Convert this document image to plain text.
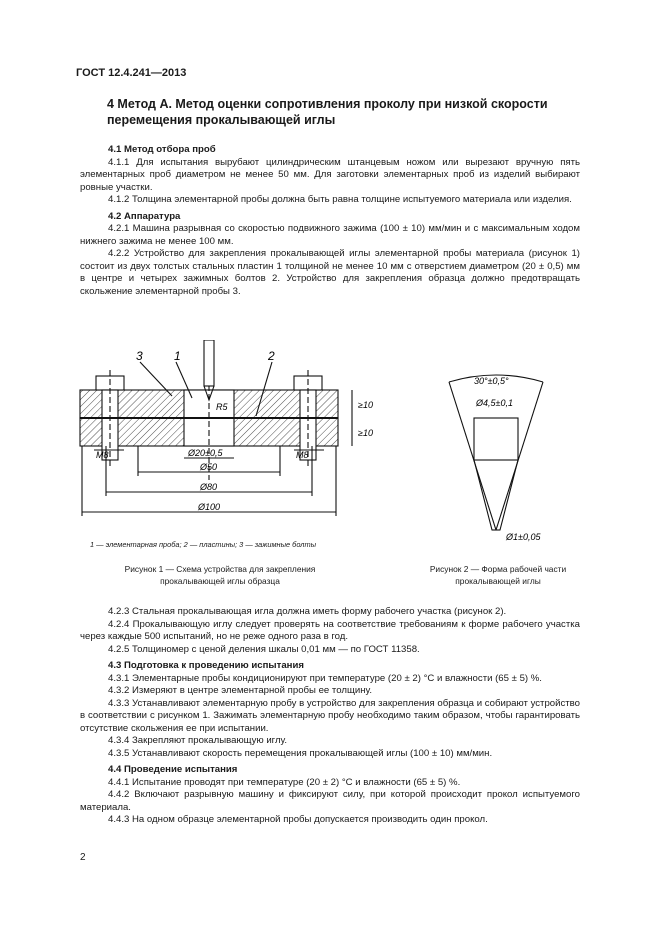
ГОСТ 12.4.241—2013
4 Метод А. Метод оценки сопротивления проколу при низкой скорости перемещения прокалывающей иглы

4.1 Метод отбора проб

4.1.1 Для испытания вырубают цилиндрическим штанцевым ножом или вырезают вручную пять элементарных проб диаметром не менее 50 мм. Для заготовки элементарных проб из изделий выбирают ровные участки.

4.1.2 Толщина элементарной пробы должна быть равна толщине испытуемого материала или изделия.

4.2 Аппаратура

4.2.1 Машина разрывная со скоростью подвижного зажима (100 ± 10) мм/мин и с максимальным ходом нижнего зажима не менее 100 мм.

4.2.2 Устройство для закрепления прокалывающей иглы элементарной пробы материала (рисунок 1) состоит из двух толстых стальных пластин 1 толщиной не менее 10 мм с отверстием диаметром (20 ± 0,5) мм в центре и четырех зажимных болтов 2. Устройство для закрепления образца должно предотвращать скольжение элементарной пробы 3.

3	1	2
R5
Ø20±0,5
M8	M8
Ø50
Ø80
Ø100
≥10
≥10
30°±0,5°
Ø4,5±0,1
Ø1±0,05
1 — элементарная проба; 2 — пластины; 3 — зажимные болты
Рисунок 1 — Схема устройства для закрепления
прокалывающей иглы образца
Рисунок 2 — Форма рабочей части
прокалывающей иглы

4.2.3 Стальная прокалывающая игла должна иметь форму рабочего участка (рисунок 2).

4.2.4 Прокалывающую иглу следует проверять на соответствие требованиям к форме рабочего участка через каждые 500 испытаний, но не реже одного раза в год.

4.2.5 Толщиномер с ценой деления шкалы 0,01 мм — по ГОСТ 11358.

4.3 Подготовка к проведению испытания

4.3.1 Элементарные пробы кондиционируют при температуре (20 ± 2) °С и влажности (65 ± 5) %.

4.3.2 Измеряют в центре элементарной пробы ее толщину.

4.3.3 Устанавливают элементарную пробу в устройство для закрепления образца и собирают устройство в соответствии с рисунком 1. Зажимать элементарную пробу необходимо таким образом, чтобы гарантировать отсутствие скольжения ее при испытании.

4.3.4 Закрепляют прокалывающую иглу.

4.3.5 Устанавливают скорость перемещения прокалывающей иглы (100 ± 10) мм/мин.

4.4 Проведение испытания

4.4.1 Испытание проводят при температуре (20 ± 2) °С и влажности (65 ± 5) %.

4.4.2 Включают разрывную машину и фиксируют силу, при которой происходит прокол испытуемого материала.

4.4.3 На одном образце элементарной пробы допускается производить один прокол.

2
